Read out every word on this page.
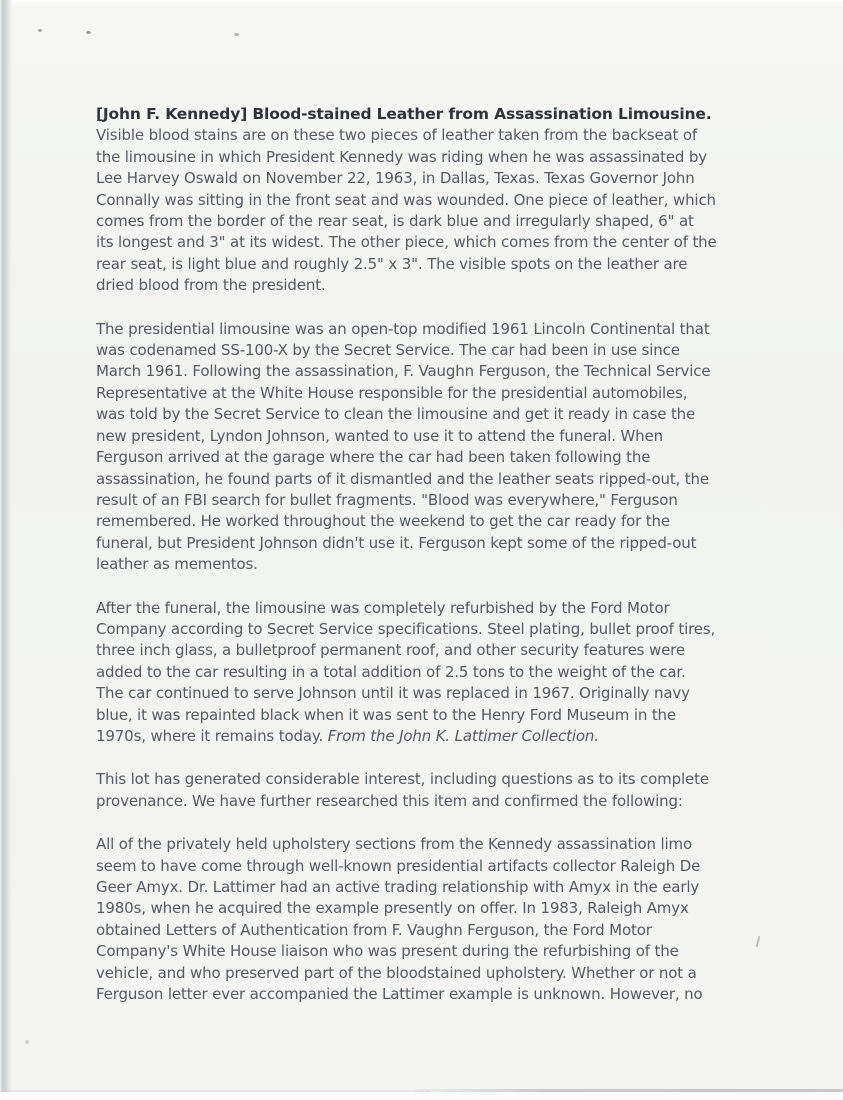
[John F. Kennedy] Blood-stained Leather from Assassination Limousine.
Visible blood stains are on these two pieces of leather taken from the backseat of
the limousine in which President Kennedy was riding when he was assassinated by
Lee Harvey Oswald on November 22, 1963, in Dallas, Texas. Texas Governor John
Connally was sitting in the front seat and was wounded. One piece of leather, which
comes from the border of the rear seat, is dark blue and irregularly shaped, 6" at
its longest and 3" at its widest. The other piece, which comes from the center of the
rear seat, is light blue and roughly 2.5" x 3". The visible spots on the leather are
dried blood from the president.
The presidential limousine was an open-top modified 1961 Lincoln Continental that
was codenamed SS-100-X by the Secret Service. The car had been in use since
March 1961. Following the assassination, F. Vaughn Ferguson, the Technical Service
Representative at the White House responsible for the presidential automobiles,
was told by the Secret Service to clean the limousine and get it ready in case the
new president, Lyndon Johnson, wanted to use it to attend the funeral. When
Ferguson arrived at the garage where the car had been taken following the
assassination, he found parts of it dismantled and the leather seats ripped-out, the
result of an FBI search for bullet fragments. "Blood was everywhere," Ferguson
remembered. He worked throughout the weekend to get the car ready for the
funeral, but President Johnson didn't use it. Ferguson kept some of the ripped-out
leather as mementos.
After the funeral, the limousine was completely refurbished by the Ford Motor
Company according to Secret Service specifications. Steel plating, bullet proof tires,
three inch glass, a bulletproof permanent roof, and other security features were
added to the car resulting in a total addition of 2.5 tons to the weight of the car.
The car continued to serve Johnson until it was replaced in 1967. Originally navy
blue, it was repainted black when it was sent to the Henry Ford Museum in the
1970s, where it remains today. From the John K. Lattimer Collection.
This lot has generated considerable interest, including questions as to its complete
provenance. We have further researched this item and confirmed the following:
All of the privately held upholstery sections from the Kennedy assassination limo
seem to have come through well-known presidential artifacts collector Raleigh De
Geer Amyx. Dr. Lattimer had an active trading relationship with Amyx in the early
1980s, when he acquired the example presently on offer. In 1983, Raleigh Amyx
obtained Letters of Authentication from F. Vaughn Ferguson, the Ford Motor
Company's White House liaison who was present during the refurbishing of the
vehicle, and who preserved part of the bloodstained upholstery. Whether or not a
Ferguson letter ever accompanied the Lattimer example is unknown. However, no
